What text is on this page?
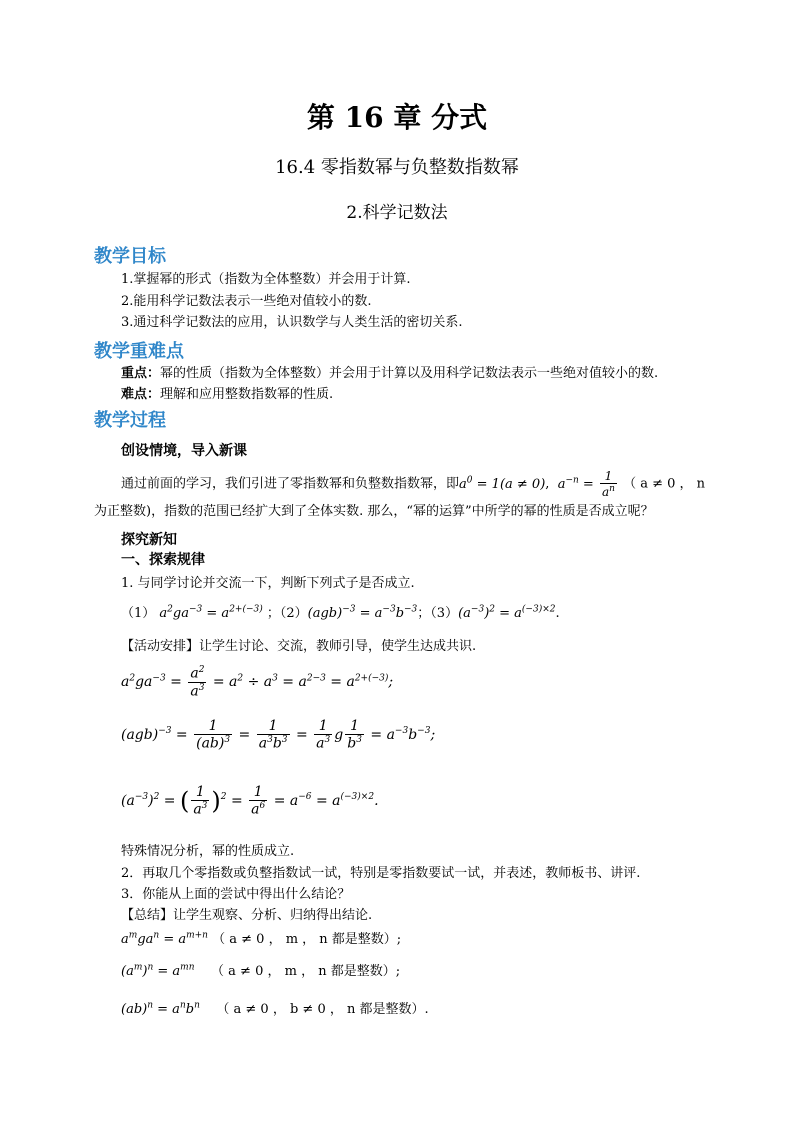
第 16 章 分式
16.4 零指数幂与负整数指数幂
2.科学记数法
教学目标
1.掌握幂的形式（指数为全体整数）并会用于计算.
2.能用科学记数法表示一些绝对值较小的数.
3.通过科学记数法的应用，认识数学与人类生活的密切关系.
教学重难点
重点：幂的性质（指数为全体整数）并会用于计算以及用科学记数法表示一些绝对值较小的数.
难点：理解和应用整数指数幂的性质.
教学过程
创设情境，导入新课
通过前面的学习，我们引进了零指数幂和负整数指数幂，即$a^0 = 1(a \ne 0)$,  $a^{-n} = \frac{1}{a^n}$ （ a ≠ 0 ， n
为正整数)，指数的范围已经扩大到了全体实数. 那么，“幂的运算”中所学的幂的性质是否成立呢？
探究新知
一、探索规律
1. 与同学讨论并交流一下，判断下列式子是否成立.
（1） $a^2ga^{-3} = a^{2+(-3)}$ ；$(2)(agb)^{-3} = a^{-3}b^{-3}$；$(3)(a^{-3})^2 = a^{(-3)\times 2}$.
【活动安排】让学生讨论、交流，教师引导，使学生达成共识.
$a^2ga^{-3} = \frac{a^2}{a^3} = a^2 \div a^3 = a^{2-3} = a^{2+(-3)}$;
$(agb)^{-3} = \frac{1}{(ab)^3} = \frac{1}{a^3b^3} = \frac{1}{a^3}$ g $\frac{1}{b^3} = a^{-3}b^{-3}$;
$(a^{-3})^2$ = ( $\frac{1}{a^3} )^2 = \frac{1}{a^6} = a^{-6} = a^{(-3)\times 2}$.
特殊情况分析，幂的性质成立.
2．再取几个零指数或负整指数试一试，特别是零指数要试一试，并表述，教师板书、讲评.
3．你能从上面的尝试中得出什么结论？
【总结】让学生观察、分析、归纳得出结论.
$a^mga^n = a^{m+n}$ （ a ≠ 0 ， m ， n 都是整数）;
$(a^m)^n = a^{mn}$ （ a ≠ 0 ， m ， n 都是整数）;
$(ab)^n = a^nb^n$ （ a ≠ 0 ， b ≠ 0 ， n 都是整数）.
